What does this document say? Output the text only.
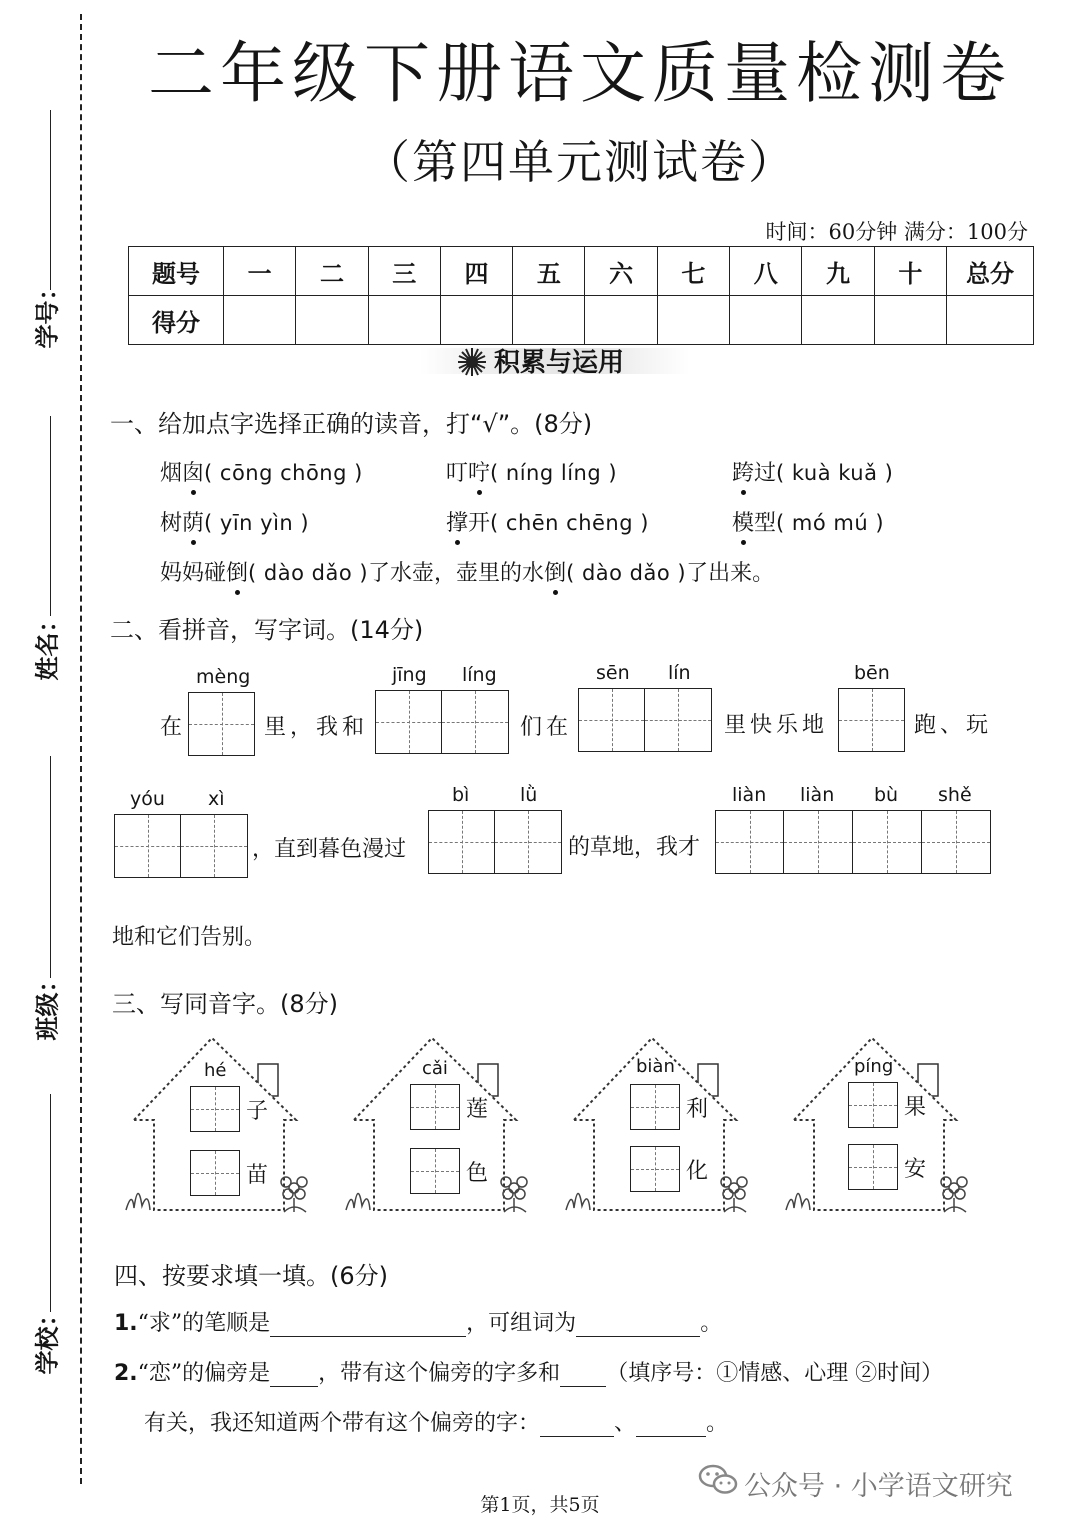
学号：
姓名：
班级：
学校：
二年级下册语文质量检测卷
（第四单元测试卷）
时间：60分钟 满分：100分
题号	一	二	三	四	五	六	七	八	九	十	总分
得分											
积累与运用
一、给加点字选择正确的读音，打“√”。(8分)
烟囱( cōng chōng )	叮咛( níng líng )	跨过( kuà kuǎ )
树荫( yīn yìn )	撑开( chēn chēng )	模型( mó mú )
妈妈碰倒( dào dǎo )了水壶，壶里的水倒( dào dǎo )了出来。
二、看拼音，写字词。(14分)
mèng	jīng líng	sēn lín	bēn
在	里，我和	们在	里快乐地	跑、玩
yóu xì	bì	lǜ	liàn liàn bù shě
，直到暮色漫过	的草地，我才
地和它们告别。
三、写同音字。(8分)
hé
子
苗
cǎi
莲
色
biàn
利
化
píng
果
安
四、按要求填一填。(6分)
1.“求”的笔顺是	，可组词为	。
2.“恋”的偏旁是 ，带有这个偏旁的字多和 （填序号：①情感、心理 ②时间）
有关，我还知道两个带有这个偏旁的字：	、	。
公众号 · 小学语文研究
第1页，共5页
